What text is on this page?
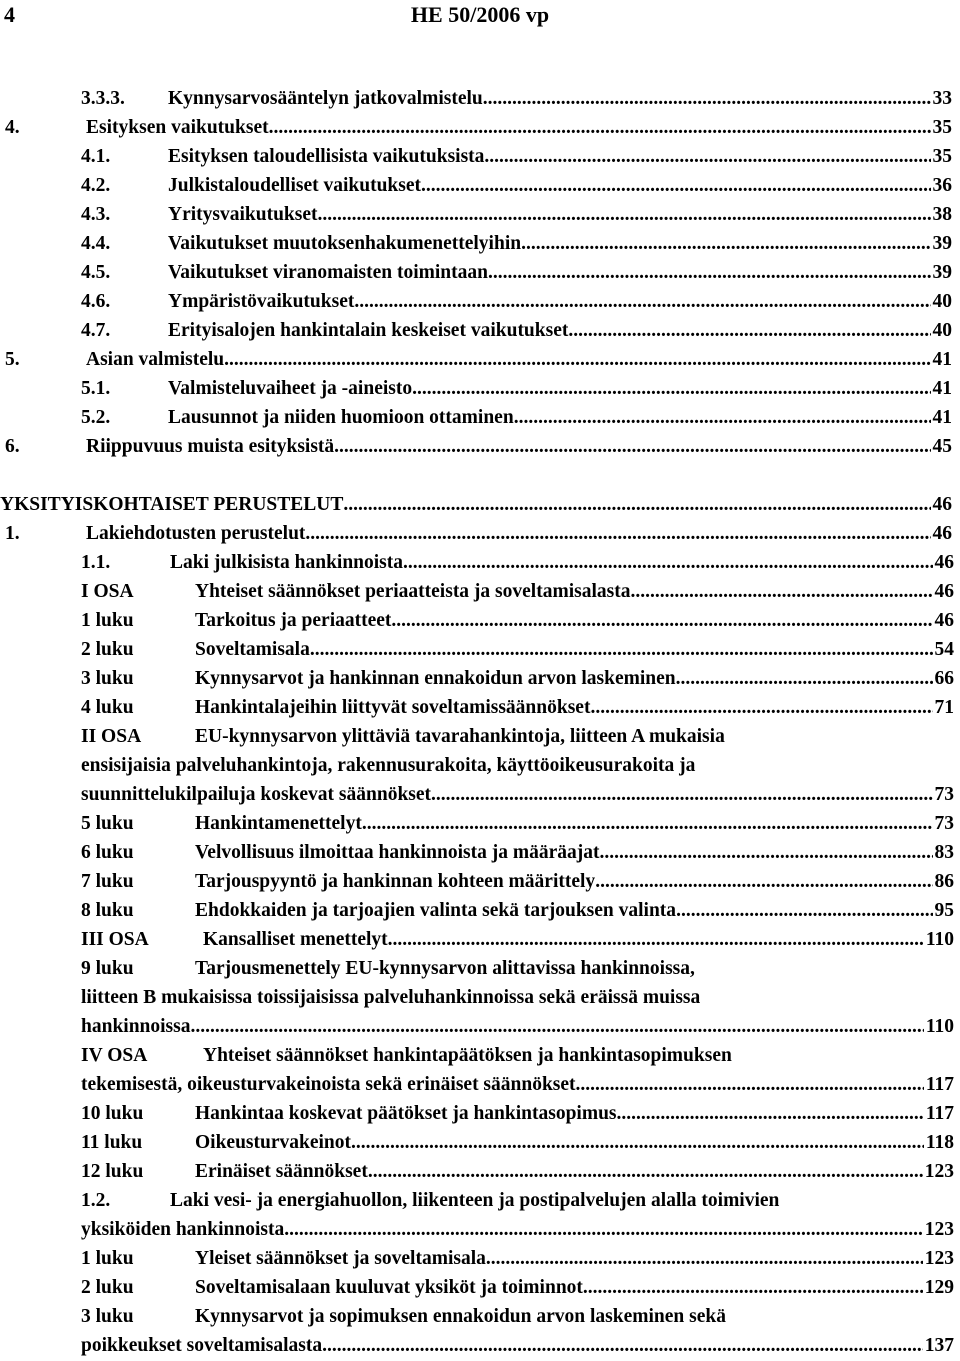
4	HE 50/2006 vp
3.3.3. Kynnysarvosääntelyn jatkovalmistelu .....	33
4.	Esityksen vaikutukset .....	35
4.1.	Esityksen taloudellisista vaikutuksista .....	35
4.2.	Julkistaloudelliset vaikutukset .....	36
4.3.	Yritysvaikutukset .....	38
4.4.	Vaikutukset muutoksenhakumenettelyihin .....	39
4.5.	Vaikutukset viranomaisten toimintaan .....	39
4.6.	Ympäristövaikutukset .....	40
4.7.	Erityisalojen hankintalain keskeiset vaikutukset .....	40
5.	Asian valmistelu .....	41
5.1.	Valmisteluvaiheet ja -aineisto .....	41
5.2.	Lausunnot ja niiden huomioon ottaminen .....	41
6.	Riippuvuus muista esityksistä .....	45
YKSITYISKOHTAISET PERUSTELUT .....	46
1.	Lakiehdotusten perustelut .....	46
1.1.	Laki julkisista hankinnoista .....	46
I OSA	Yhteiset säännökset periaatteista ja soveltamisalasta .....	46
1 luku	Tarkoitus ja periaatteet .....	46
2 luku	Soveltamisala .....	54
3 luku	Kynnysarvot ja hankinnan ennakoidun arvon laskeminen .....	66
4 luku	Hankintalajeihin liittyvät soveltamissäännökset .....	71
II OSA	EU-kynnysarvon ylittäviä tavarahankintoja, liitteen A mukaisia
ensisijaisia palveluhankintoja, rakennusurakoita, käyttöoikeusurakoita ja
suunnittelukilpailuja koskevat säännökset .....	73
5 luku	Hankintamenettelyt .....	73
6 luku	Velvollisuus ilmoittaa hankinnoista ja määräajat .....	83
7 luku	Tarjouspyyntö ja hankinnan kohteen määrittely .....	86
8 luku	Ehdokkaiden ja tarjoajien valinta sekä tarjouksen valinta .....	95
III OSA	Kansalliset menettelyt .....	110
9 luku	Tarjousmenettely EU-kynnysarvon alittavissa hankinnoissa,
liitteen B mukaisissa toissijaisissa palveluhankinnoissa sekä eräissä muissa
hankinnoissa .....	110
IV OSA	Yhteiset säännökset hankintapäätöksen ja hankintasopimuksen
tekemisestä, oikeusturvakeinoista sekä erinäiset säännökset .....	117
10 luku	Hankintaa koskevat päätökset ja hankintasopimus .....	117
11 luku	Oikeusturvakeinot .....	118
12 luku	Erinäiset säännökset .....	123
1.2.	Laki vesi- ja energiahuollon, liikenteen ja postipalvelujen alalla toimivien
yksiköiden hankinnoista .....	123
1 luku	Yleiset säännökset ja soveltamisala .....	123
2 luku	Soveltamisalaan kuuluvat yksiköt ja toiminnot .....	129
3 luku	Kynnysarvot ja sopimuksen ennakoidun arvon laskeminen sekä
poikkeukset soveltamisalasta .....	137
